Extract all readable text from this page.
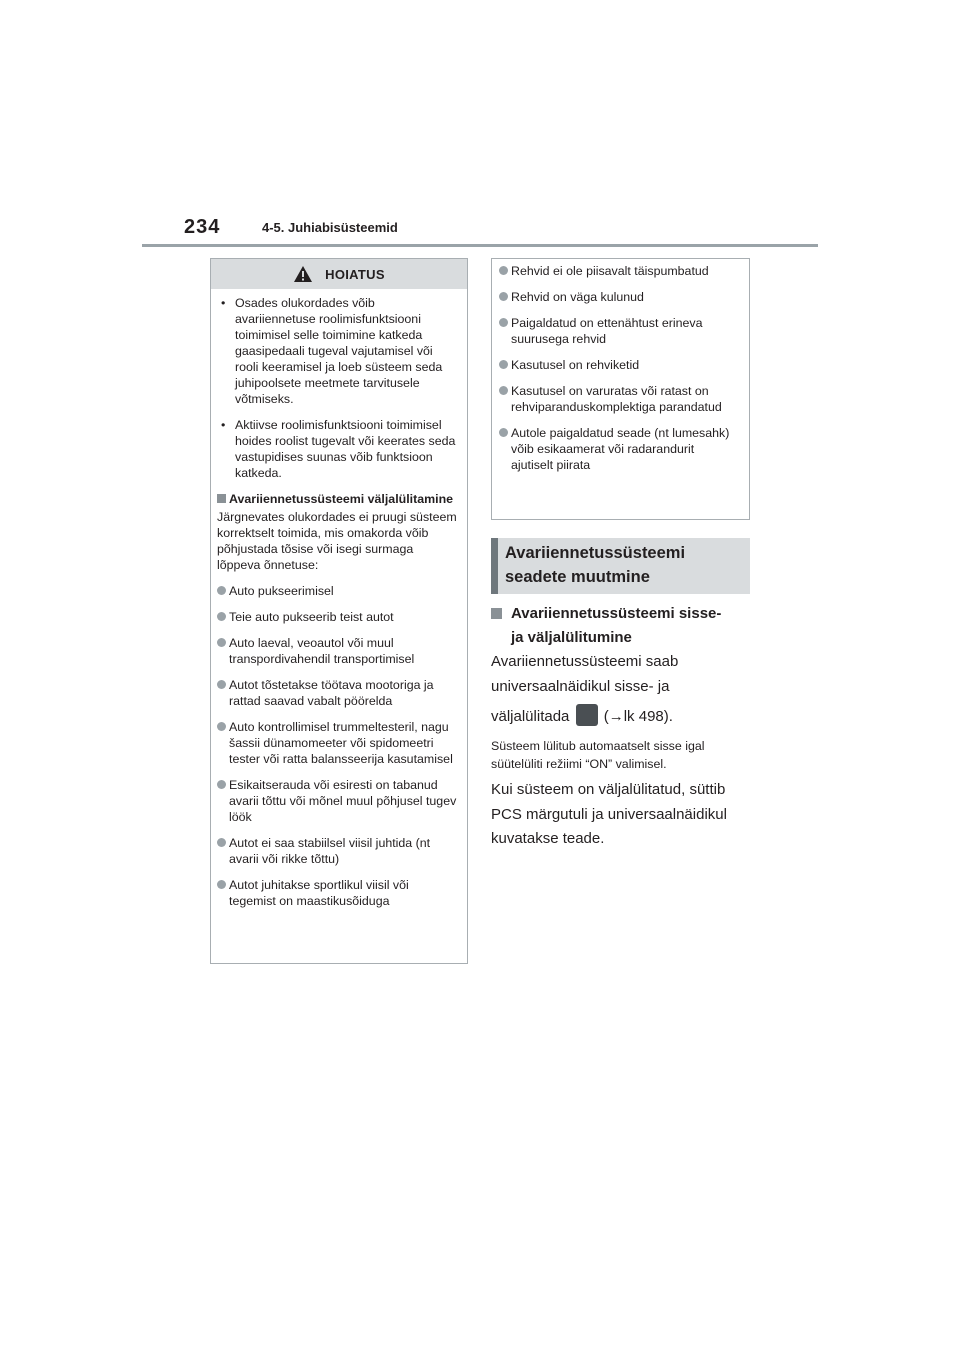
234	4-5. Juhiabisüsteemid
HOIATUS
• Osades olukordades võib avariiennetuse roolimisfunktsiooni toimimisel selle toimimine katkeda gaasipedaali tugeval vajutamisel või rooli keeramisel ja loeb süsteem seda juhipoolsete meetmete tarvitusele võtmiseks.
• Aktiivse roolimisfunktsiooni toimimisel hoides roolist tugevalt või keerates seda vastupidises suunas võib funktsioon katkeda.
Avariiennetussüsteemi väljalülitamine
Järgnevates olukordades ei pruugi süsteem korrektselt toimida, mis omakorda võib põhjustada tõsise või isegi surmaga lõppeva õnnetuse:
Auto pukseerimisel
Teie auto pukseerib teist autot
Auto laeval, veoautol või muul transpordivahendil transportimisel
Autot tõstetakse töötava mootoriga ja rattad saavad vabalt pöörelda
Auto kontrollimisel trummeltesteril, nagu šassii dünamomeeter või spidomeetri tester või ratta balansseerija kasutamisel
Esikaitserauda või esiresti on tabanud avarii tõttu või mõnel muul põhjusel tugev löök
Autot ei saa stabiilsel viisil juhtida (nt avarii või rikke tõttu)
Autot juhitakse sportlikul viisil või tegemist on maastikusõiduga
Rehvid ei ole piisavalt täispumbatud
Rehvid on väga kulunud
Paigaldatud on ettenähtust erineva suurusega rehvid
Kasutusel on rehviketid
Kasutusel on varuratas või ratast on rehviparanduskomplektiga parandatud
Autole paigaldatud seade (nt lumesahk) võib esikaamerat või radarandurit ajutiselt piirata
Avariiennetussüsteemi
seadete muutmine
Avariiennetussüsteemi sisse-
ja väljalülitumine
Avariiennetussüsteemi saab
universaalnäidikul sisse- ja
väljalülitada (→lk 498).
Süsteem lülitub automaatselt sisse igal
süütelüliti režiimi “ON” valimisel.
Kui süsteem on väljalülitatud, süttib
PCS märgutuli ja universaalnäidikul
kuvatakse teade.
